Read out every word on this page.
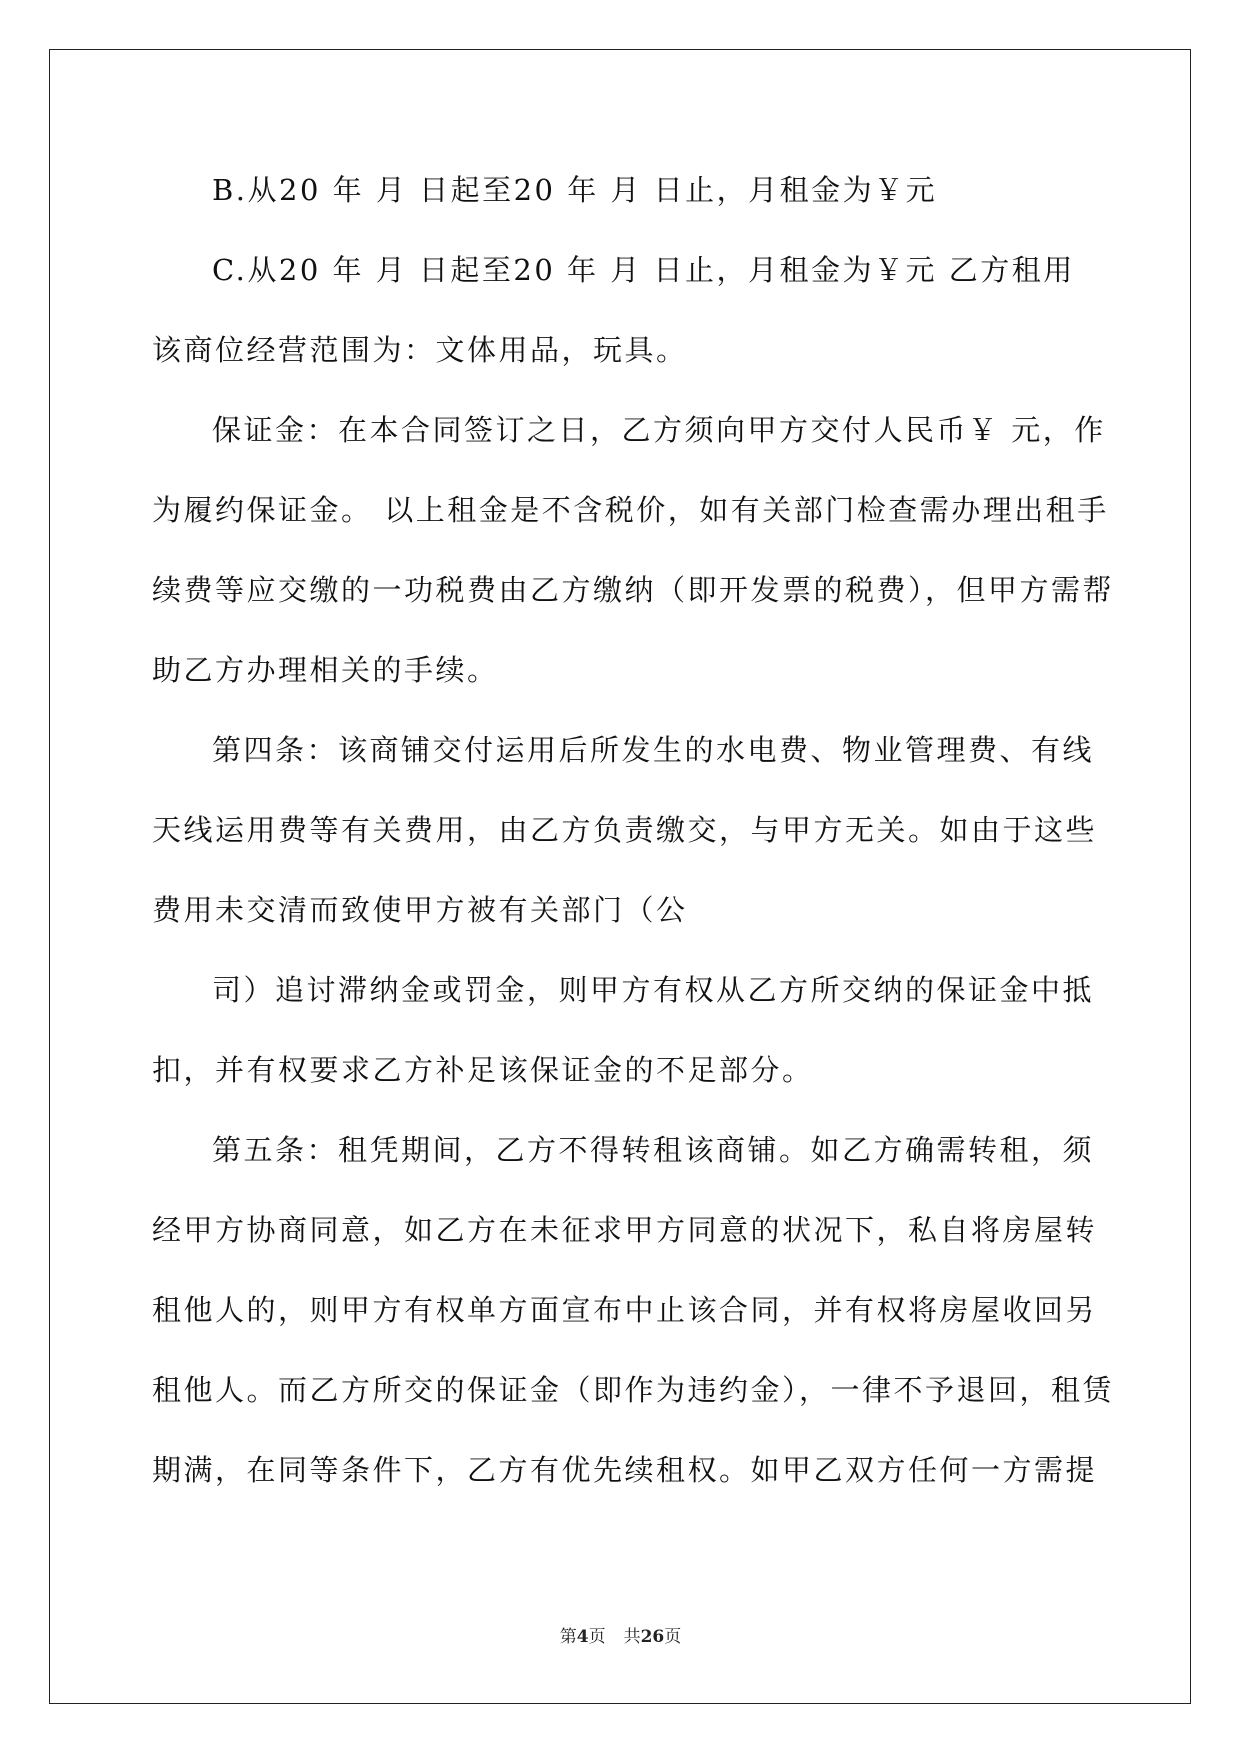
B.从20 年 月 日起至20 年 月 日止，月租金为￥元
C.从20 年 月 日起至20 年 月 日止，月租金为￥元 乙方租用
该商位经营范围为：文体用品，玩具。
保证金：在本合同签订之日，乙方须向甲方交付人民币￥ 元，作
为履约保证金。 以上租金是不含税价，如有关部门检查需办理出租手
续费等应交缴的一功税费由乙方缴纳（即开发票的税费），但甲方需帮
助乙方办理相关的手续。
第四条：该商铺交付运用后所发生的水电费、物业管理费、有线
天线运用费等有关费用，由乙方负责缴交，与甲方无关。如由于这些
费用未交清而致使甲方被有关部门（公
司）追讨滞纳金或罚金，则甲方有权从乙方所交纳的保证金中抵
扣，并有权要求乙方补足该保证金的不足部分。
第五条：租凭期间，乙方不得转租该商铺。如乙方确需转租，须
经甲方协商同意，如乙方在未征求甲方同意的状况下，私自将房屋转
租他人的，则甲方有权单方面宣布中止该合同，并有权将房屋收回另
租他人。而乙方所交的保证金（即作为违约金），一律不予退回，租赁
期满，在同等条件下，乙方有优先续租权。如甲乙双方任何一方需提
第4页 共26页
